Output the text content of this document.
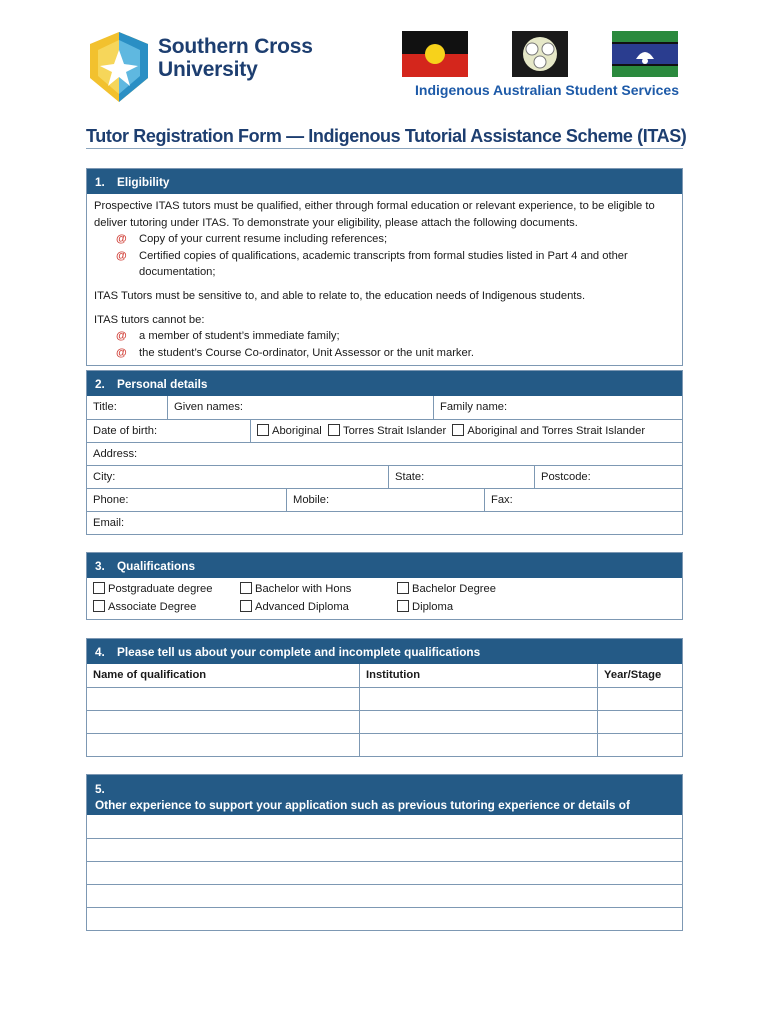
Southern Cross University
Indigenous Australian Student Services
Tutor Registration Form — Indigenous Tutorial Assistance Scheme (ITAS)
1. Eligibility

Prospective ITAS tutors must be qualified, either through formal education or relevant experience, to be eligible to deliver tutoring under ITAS. To demonstrate your eligibility, please attach the following documents.

@ Copy of your current resume including references;
@ Certified copies of qualifications, academic transcripts from formal studies listed in Part 4 and other documentation;

ITAS Tutors must be sensitive to, and able to relate to, the education needs of Indigenous students.

ITAS tutors cannot be:

@ a member of student’s immediate family;
@ the student’s Course Co-ordinator, Unit Assessor or the unit marker.
2. Personal details
Title:	Given names:	Family name:
Date of birth:	Aboriginal Torres Strait Islander Aboriginal and Torres Strait Islander
Address:
City:	State:	Postcode:
Phone:	Mobile:	Fax:
Email:
3. Qualifications
Postgraduate degree	Bachelor with Hons	Bachelor Degree
Associate Degree	Advanced Diploma	Diploma
4. Please tell us about your complete and incomplete qualifications
Name of qualification	Institution	Year/Stage
5.Other experience to support your application such as previous tutoring experience or details of personal referees
